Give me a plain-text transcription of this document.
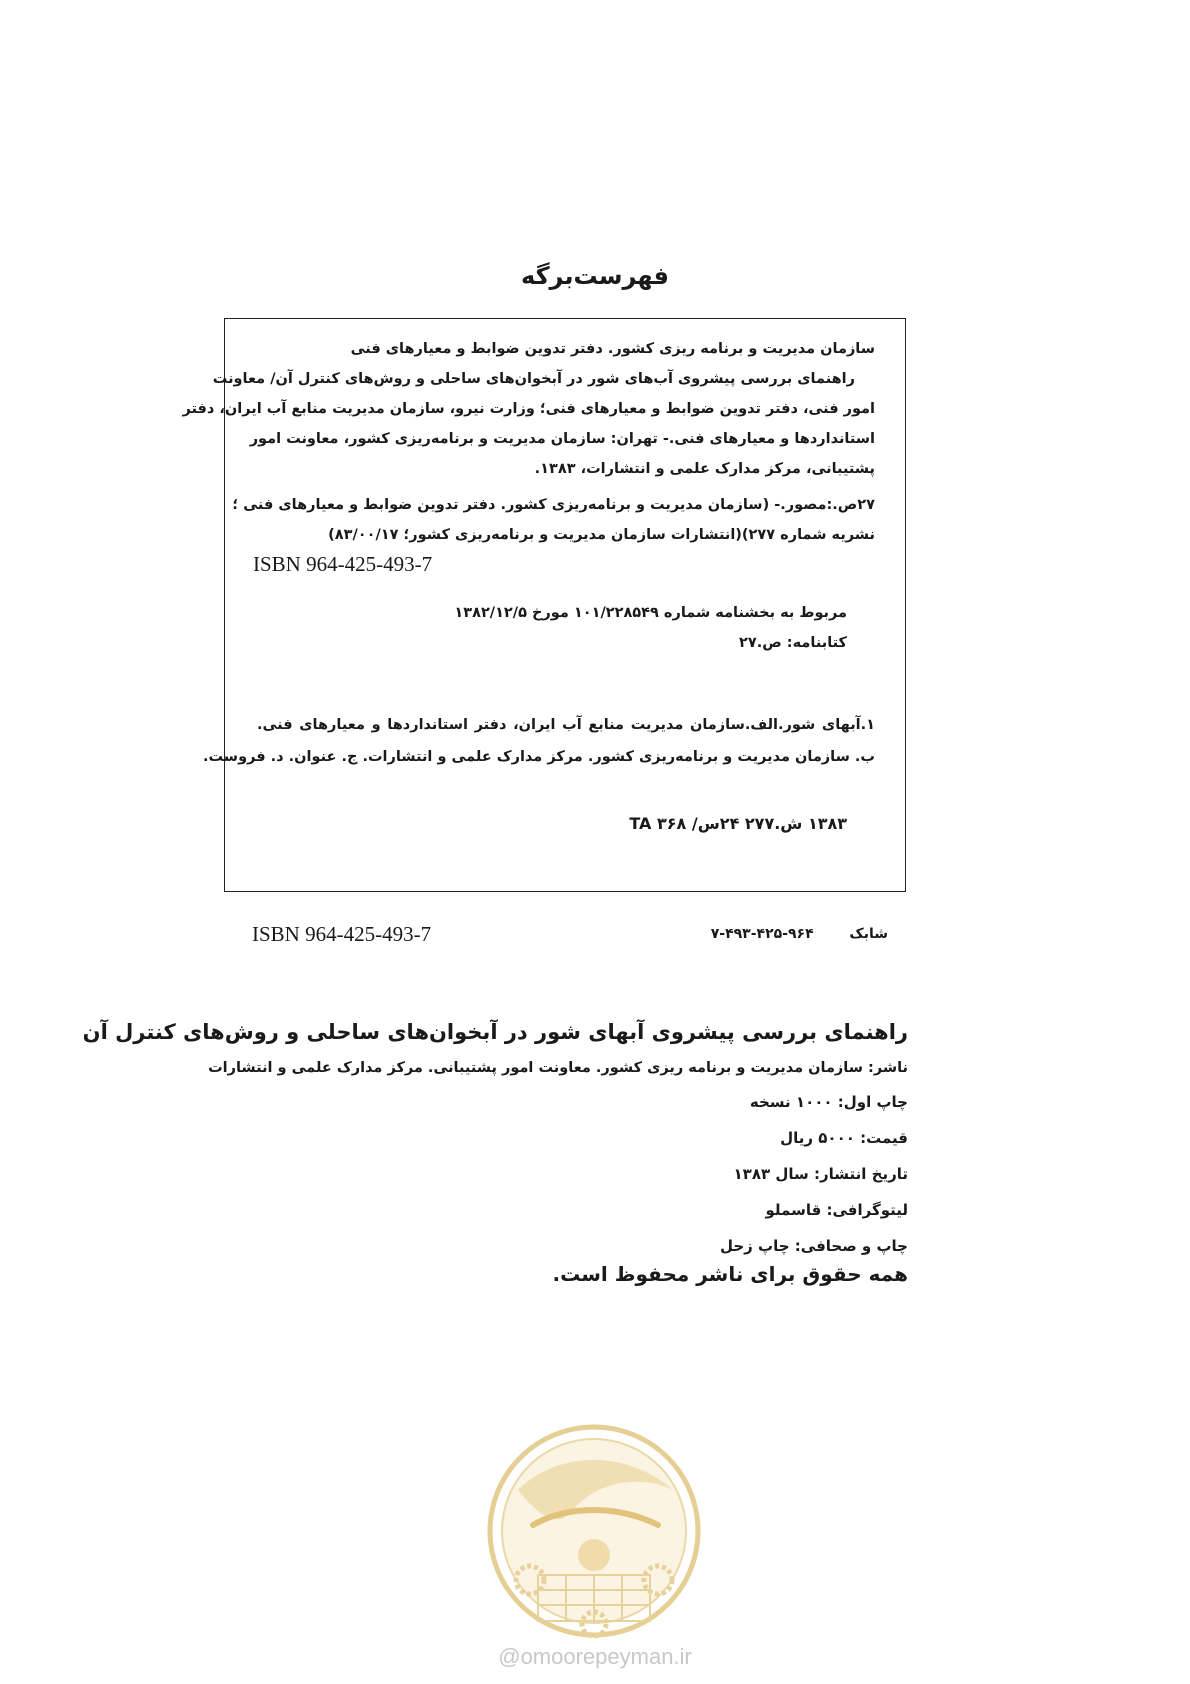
فهرست‌برگه
سازمان مدیریت و برنامه ریزی کشور. دفتر تدوین ضوابط و معیارهای فنی
راهنمای بررسی پیشروی آب‌های شور در آبخوان‌های ساحلی و روش‌های کنترل آن/ معاونت
امور فنی، دفتر تدوین ضوابط و معیارهای فنی؛ وزارت نیرو، سازمان مدیریت منابع آب ایران، دفتر
استانداردها و معیارهای فنی.- تهران: سازمان مدیریت و برنامه‌ریزی کشور، معاونت امور
پشتیبانی، مرکز مدارک علمی و انتشارات، ۱۳۸۳.
۲۷ص.:مصور.- (سازمان مدیریت و برنامه‌ریزی کشور. دفتر تدوین ضوابط و معیارهای فنی ؛
نشریه شماره ۲۷۷)(انتشارات سازمان مدیریت و برنامه‌ریزی کشور؛ ۸۳/۰۰/۱۷)
ISBN 964-425-493-7
مربوط به بخشنامه شماره ۱۰۱/۲۲۸۵۴۹ مورخ ۱۳۸۲/۱۲/۵
کتابنامه: ص.۲۷
۱.آبهای شور.الف.سازمان مدیریت منابع آب ایران، دفتر استانداردها و معیارهای فنی.
ب. سازمان مدیریت و برنامه‌ریزی کشور. مرکز مدارک علمی و انتشارات. ج. عنوان. د. فروست.
۱۳۸۳ ش.۲۷۷ ۲۴س/ ۳۶۸ TA
ISBN 964-425-493-7	شابک  ۹۶۴-۴۲۵-۴۹۳-۷
راهنمای بررسی پیشروی آبهای شور در آبخوان‌های ساحلی و روش‌های کنترل آن
ناشر: سازمان مدیریت و برنامه ریزی کشور. معاونت امور پشتیبانی. مرکز مدارک علمی و انتشارات
چاپ اول: ۱۰۰۰ نسخه
قیمت: ۵۰۰۰ ریال
تاریخ انتشار: سال ۱۳۸۳
لیتوگرافی: قاسملو
چاپ و صحافی: چاپ زحل
همه حقوق برای ناشر محفوظ است.
@omoorepeyman.ir
